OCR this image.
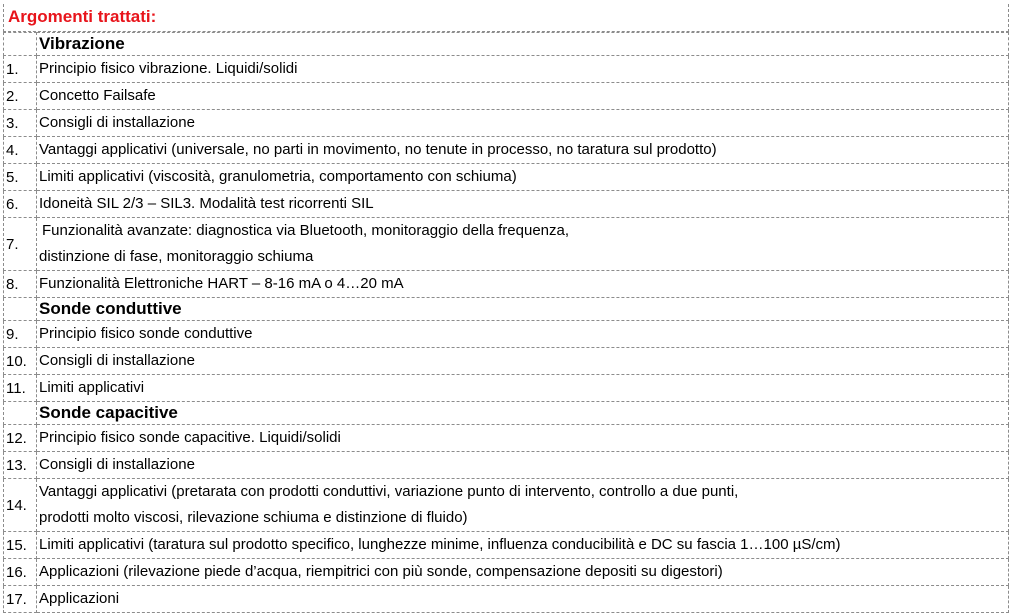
Argomenti trattati:
	Vibrazione
1.	Principio fisico vibrazione. Liquidi/solidi

2.	Concetto Failsafe

3.	Consigli di installazione

4.	Vantaggi applicativi (universale, no parti in movimento, no tenute in processo, no taratura sul prodotto)

5.	Limiti applicativi (viscosità, granulometria, comportamento con schiuma)

6.	Idoneità SIL 2/3 – SIL3. Modalità test ricorrenti SIL

7.	Funzionalità avanzate: diagnostica via Bluetooth, monitoraggio della frequenza,
distinzione di fase, monitoraggio schiuma

8.	Funzionalità Elettroniche HART – 8-16 mA o 4…20 mA

	Sonde conduttive
9.	Principio fisico sonde conduttive

10.	Consigli di installazione

11.	Limiti applicativi

	Sonde capacitive
12.	Principio fisico sonde capacitive. Liquidi/solidi

13.	Consigli di installazione

14.	Vantaggi applicativi (pretarata con prodotti conduttivi, variazione punto di intervento, controllo a due punti,
prodotti molto viscosi, rilevazione schiuma e distinzione di fluido)

15.	Limiti applicativi (taratura sul prodotto specifico, lunghezze minime, influenza conducibilità e DC su fascia 1…100 µS/cm)

16.	Applicazioni (rilevazione piede d’acqua, riempitrici con più sonde, compensazione depositi su digestori)

17.	Applicazioni
